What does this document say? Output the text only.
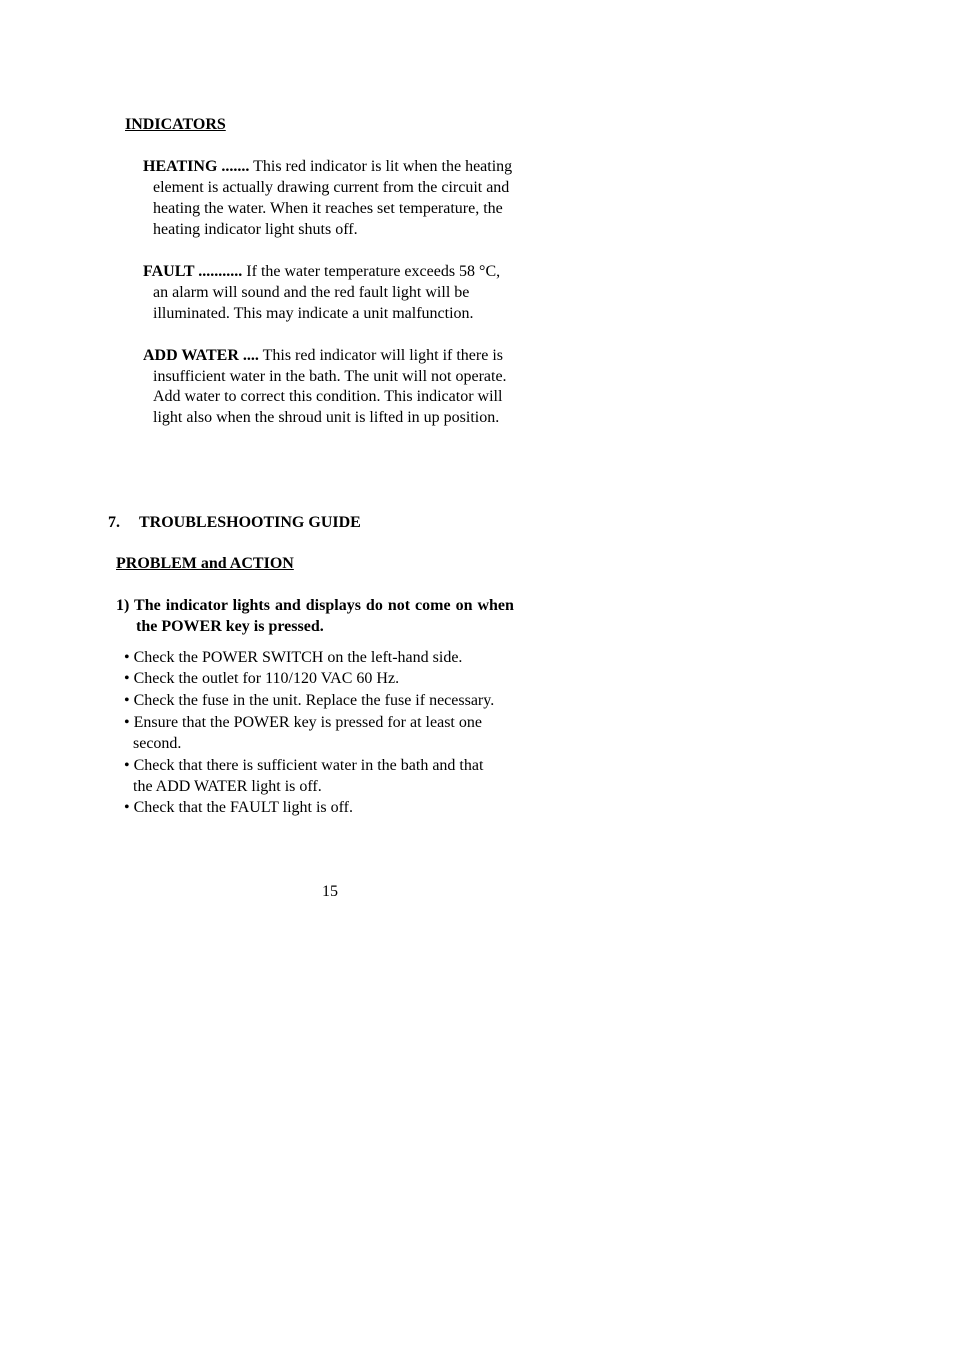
INDICATORS
HEATING ....... This red indicator is lit when the heating
element is actually drawing current from the circuit and
heating the water. When it reaches set temperature, the
heating indicator light shuts off.
FAULT ........... If the water temperature exceeds 58 °C,
an alarm will sound and the red fault light will be
illuminated. This may indicate a unit malfunction.
ADD WATER .... This red indicator will light if there is
insufficient water in the bath. The unit will not operate.
Add water to correct this condition. This indicator will
light also when the shroud unit is lifted in up position.
7. TROUBLESHOOTING GUIDE
PROBLEM and ACTION
1) The indicator lights and displays do not come on when
the POWER key is pressed.
• Check the POWER SWITCH on the left-hand side.
• Check the outlet for 110/120 VAC 60 Hz.
• Check the fuse in the unit. Replace the fuse if necessary.
• Ensure that the POWER key is pressed for at least one
second.
• Check that there is sufficient water in the bath and that
the ADD WATER light is off.
• Check that the FAULT light is off.
15
